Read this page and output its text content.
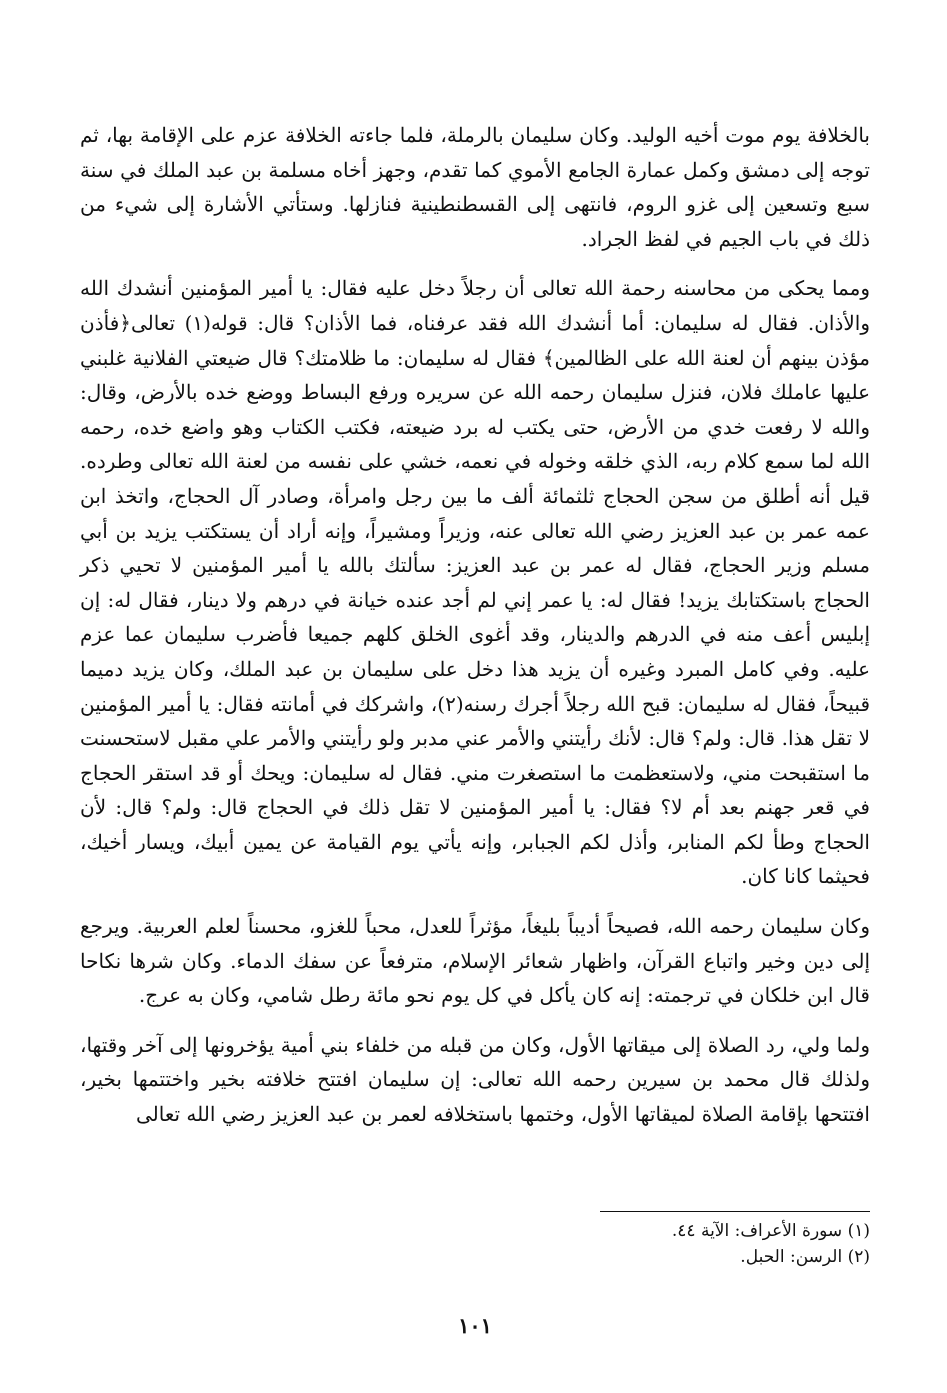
بالخلافة يوم موت أخيه الوليد. وكان سليمان بالرملة، فلما جاءته الخلافة عزم على الإقامة بها، ثم توجه إلى دمشق وكمل عمارة الجامع الأموي كما تقدم، وجهز أخاه مسلمة بن عبد الملك في سنة سبع وتسعين إلى غزو الروم، فانتهى إلى القسطنطينية فنازلها. وستأتي الأشارة إلى شيء من ذلك في باب الجيم في لفظ الجراد.

ومما يحكى من محاسنه رحمة الله تعالى أن رجلاً دخل عليه فقال: يا أمير المؤمنين أنشدك الله والأذان. فقال له سليمان: أما أنشدك الله فقد عرفناه، فما الأذان؟ قال: قوله(١) تعالى﴿فأذن مؤذن بينهم أن لعنة الله على الظالمين﴾ فقال له سليمان: ما ظلامتك؟ قال ضيعتي الفلانية غلبني عليها عاملك فلان، فنزل سليمان رحمه الله عن سريره ورفع البساط ووضع خده بالأرض، وقال: والله لا رفعت خدي من الأرض، حتى يكتب له برد ضيعته، فكتب الكتاب وهو واضع خده، رحمه الله لما سمع كلام ربه، الذي خلقه وخوله في نعمه، خشي على نفسه من لعنة الله تعالى وطرده. قيل أنه أطلق من سجن الحجاج ثلثمائة ألف ما بين رجل وامرأة، وصادر آل الحجاج، واتخذ ابن عمه عمر بن عبد العزيز رضي الله تعالى عنه، وزيراً ومشيراً، وإنه أراد أن يستكتب يزيد بن أبي مسلم وزير الحجاج، فقال له عمر بن عبد العزيز: سألتك بالله يا أمير المؤمنين لا تحيي ذكر الحجاج باستكتابك يزيد! فقال له: يا عمر إني لم أجد عنده خيانة في درهم ولا دينار، فقال له: إن إبليس أعف منه في الدرهم والدينار، وقد أغوى الخلق كلهم جميعا فأضرب سليمان عما عزم عليه. وفي كامل المبرد وغيره أن يزيد هذا دخل على سليمان بن عبد الملك، وكان يزيد دميما قبيحاً، فقال له سليمان: قبح الله رجلاً أجرك رسنه(٢)، واشركك في أمانته فقال: يا أمير المؤمنين لا تقل هذا. قال: ولم؟ قال: لأنك رأيتني والأمر عني مدبر ولو رأيتني والأمر علي مقبل لاستحسنت ما استقبحت مني، ولاستعظمت ما استصغرت مني. فقال له سليمان: ويحك أو قد استقر الحجاج في قعر جهنم بعد أم لا؟ فقال: يا أمير المؤمنين لا تقل ذلك في الحجاج قال: ولم؟ قال: لأن الحجاج وطأ لكم المنابر، وأذل لكم الجبابر، وإنه يأتي يوم القيامة عن يمين أبيك، ويسار أخيك، فحيثما كانا كان.

وكان سليمان رحمه الله، فصيحاً أديباً بليغاً، مؤثراً للعدل، محباً للغزو، محسناً لعلم العربية. ويرجع إلى دين وخير واتباع القرآن، واظهار شعائر الإسلام، مترفعاً عن سفك الدماء. وكان شرها نكاحا قال ابن خلكان في ترجمته: إنه كان يأكل في كل يوم نحو مائة رطل شامي، وكان به عرج.

ولما ولي، رد الصلاة إلى ميقاتها الأول، وكان من قبله من خلفاء بني أمية يؤخرونها إلى آخر وقتها، ولذلك قال محمد بن سيرين رحمه الله تعالى: إن سليمان افتتح خلافته بخير واختتمها بخير، افتتحها بإقامة الصلاة لميقاتها الأول، وختمها باستخلافه لعمر بن عبد العزيز رضي الله تعالى

(١) سورة الأعراف: الآية ٤٤.

(٢) الرسن: الحبل.

١٠١
